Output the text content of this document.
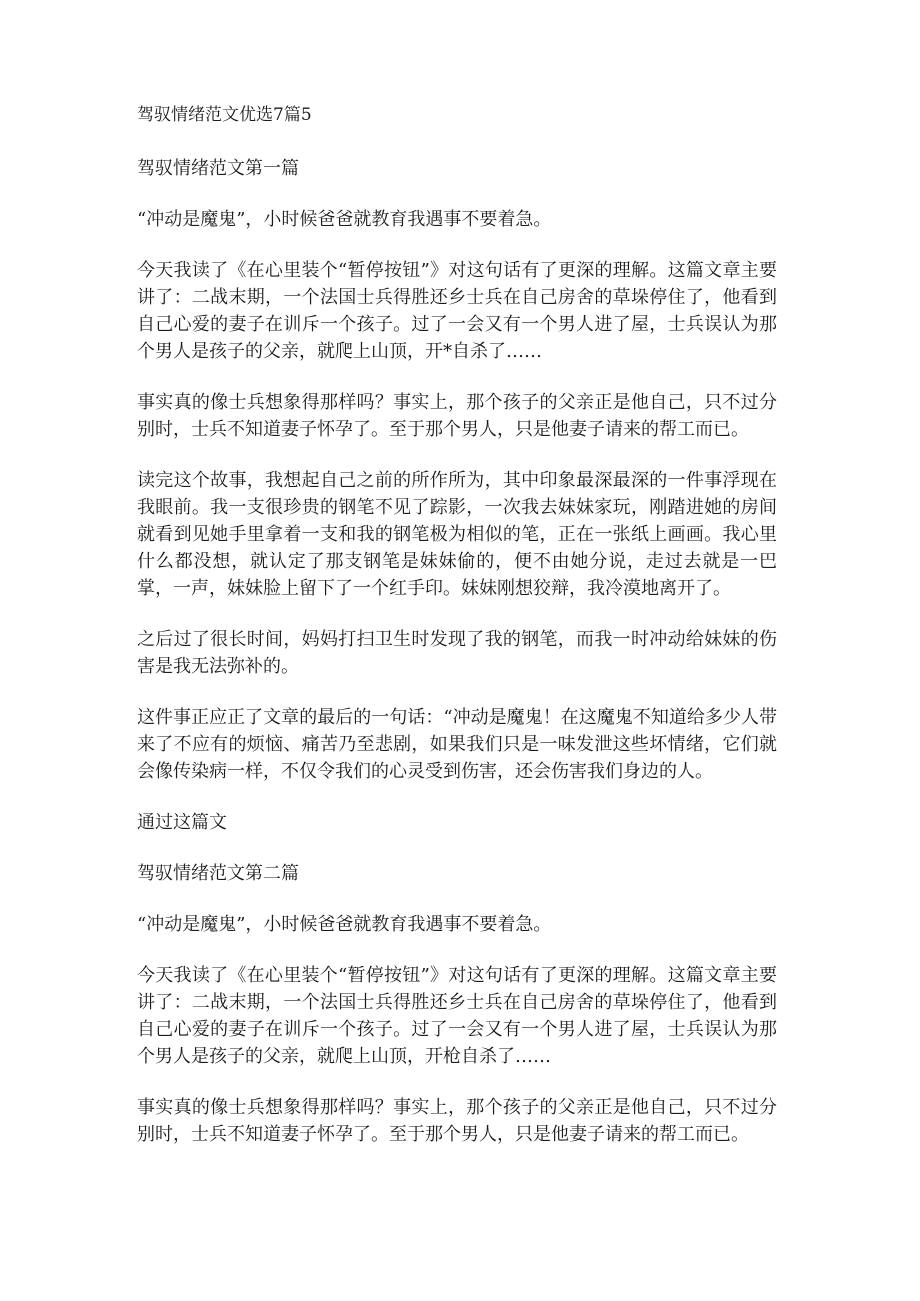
驾驭情绪范文优选7篇5

驾驭情绪范文第一篇

“冲动是魔鬼”，小时候爸爸就教育我遇事不要着急。

今天我读了《在心里装个“暂停按钮”》对这句话有了更深的理解。这篇文章主要讲了：二战末期，一个法国士兵得胜还乡士兵在自己房舍的草垛停住了，他看到自己心爱的妻子在训斥一个孩子。过了一会又有一个男人进了屋，士兵误认为那个男人是孩子的父亲，就爬上山顶，开*自杀了……

事实真的像士兵想象得那样吗？事实上，那个孩子的父亲正是他自己，只不过分别时，士兵不知道妻子怀孕了。至于那个男人，只是他妻子请来的帮工而已。

读完这个故事，我想起自己之前的所作所为，其中印象最深最深的一件事浮现在我眼前。我一支很珍贵的钢笔不见了踪影，一次我去妹妹家玩，刚踏进她的房间就看到见她手里拿着一支和我的钢笔极为相似的笔，正在一张纸上画画。我心里什么都没想，就认定了那支钢笔是妹妹偷的，便不由她分说，走过去就是一巴掌，一声，妹妹脸上留下了一个红手印。妹妹刚想狡辩，我冷漠地离开了。

之后过了很长时间，妈妈打扫卫生时发现了我的钢笔，而我一时冲动给妹妹的伤害是我无法弥补的。

这件事正应正了文章的最后的一句话：“冲动是魔鬼！在这魔鬼不知道给多少人带来了不应有的烦恼、痛苦乃至悲剧，如果我们只是一味发泄这些坏情绪，它们就会像传染病一样，不仅令我们的心灵受到伤害，还会伤害我们身边的人。

通过这篇文

驾驭情绪范文第二篇

“冲动是魔鬼”，小时候爸爸就教育我遇事不要着急。

今天我读了《在心里装个“暂停按钮”》对这句话有了更深的理解。这篇文章主要讲了：二战末期，一个法国士兵得胜还乡士兵在自己房舍的草垛停住了，他看到自己心爱的妻子在训斥一个孩子。过了一会又有一个男人进了屋，士兵误认为那个男人是孩子的父亲，就爬上山顶，开枪自杀了……

事实真的像士兵想象得那样吗？事实上，那个孩子的父亲正是他自己，只不过分别时，士兵不知道妻子怀孕了。至于那个男人，只是他妻子请来的帮工而已。
